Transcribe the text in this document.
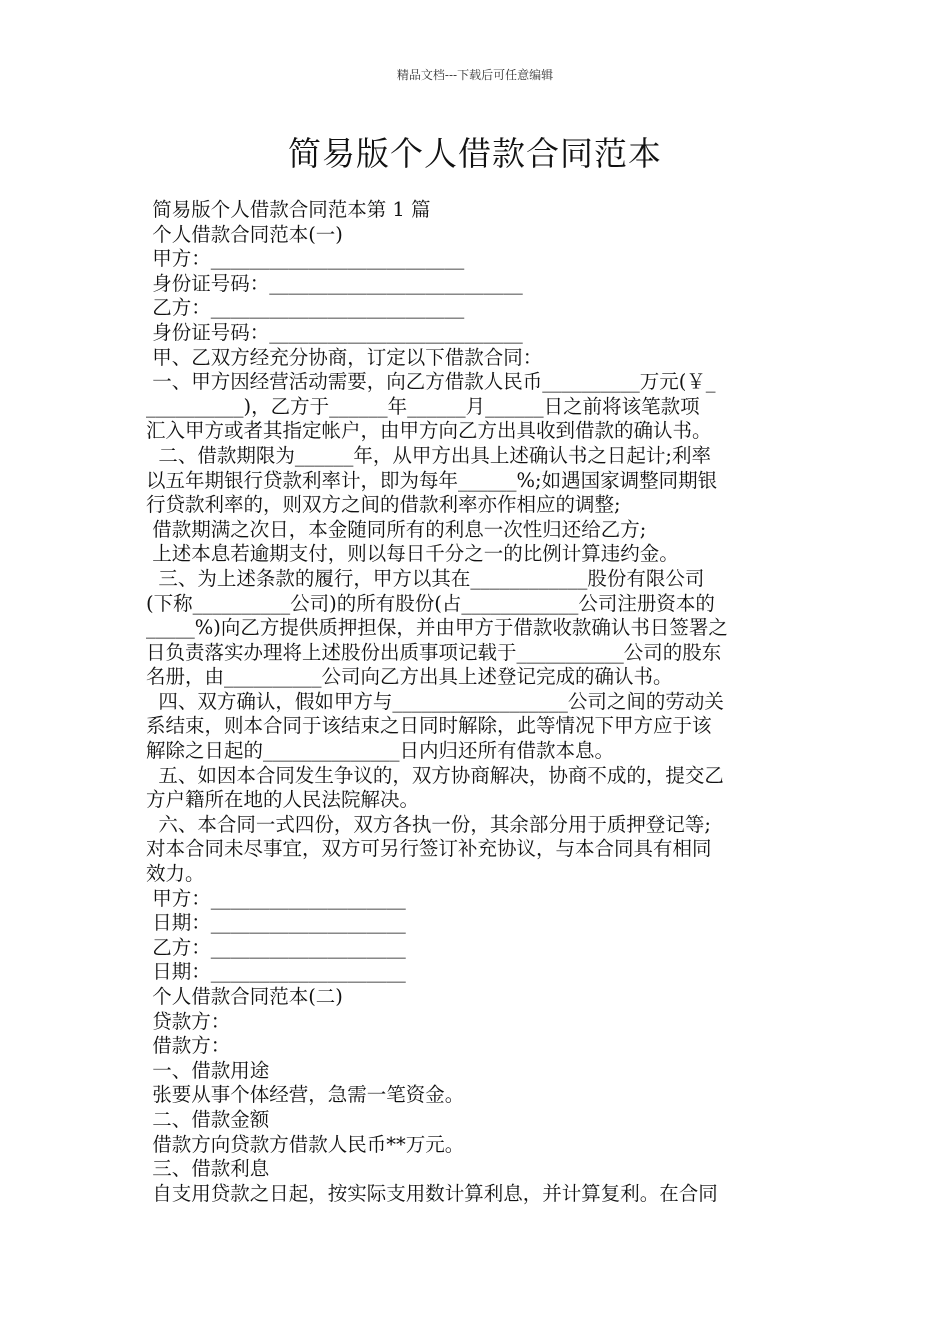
精品文档---下载后可任意编辑
简易版个人借款合同范本
简易版个人借款合同范本第 1 篇
个人借款合同范本(一)
甲方：__________________________
身份证号码：__________________________
乙方：__________________________
身份证号码：__________________________
甲、乙双方经充分协商，订定以下借款合同：
一、甲方因经营活动需要，向乙方借款人民币__________万元(￥_
__________)，乙方于______年______月______日之前将该笔款项
汇入甲方或者其指定帐户，由甲方向乙方出具收到借款的确认书。
二、借款期限为______年，从甲方出具上述确认书之日起计;利率
以五年期银行贷款利率计，即为每年______%;如遇国家调整同期银
行贷款利率的，则双方之间的借款利率亦作相应的调整;
借款期满之次日，本金随同所有的利息一次性归还给乙方;
上述本息若逾期支付，则以每日千分之一的比例计算违约金。
三、为上述条款的履行，甲方以其在____________股份有限公司
(下称__________公司)的所有股份(占____________公司注册资本的
_____%)向乙方提供质押担保，并由甲方于借款收款确认书日签署之
日负责落实办理将上述股份出质事项记载于___________公司的股东
名册，由__________公司向乙方出具上述登记完成的确认书。
四、双方确认，假如甲方与__________________公司之间的劳动关
系结束，则本合同于该结束之日同时解除，此等情况下甲方应于该
解除之日起的______________日内归还所有借款本息。
五、如因本合同发生争议的，双方协商解决，协商不成的，提交乙
方户籍所在地的人民法院解决。
六、本合同一式四份，双方各执一份，其余部分用于质押登记等;
对本合同未尽事宜，双方可另行签订补充协议，与本合同具有相同
效力。
甲方：____________________
日期：____________________
乙方：____________________
日期：____________________
个人借款合同范本(二)
贷款方：
借款方：
一、借款用途
张要从事个体经营，急需一笔资金。
二、借款金额
借款方向贷款方借款人民币**万元。
三、借款利息
自支用贷款之日起，按实际支用数计算利息，并计算复利。在合同
